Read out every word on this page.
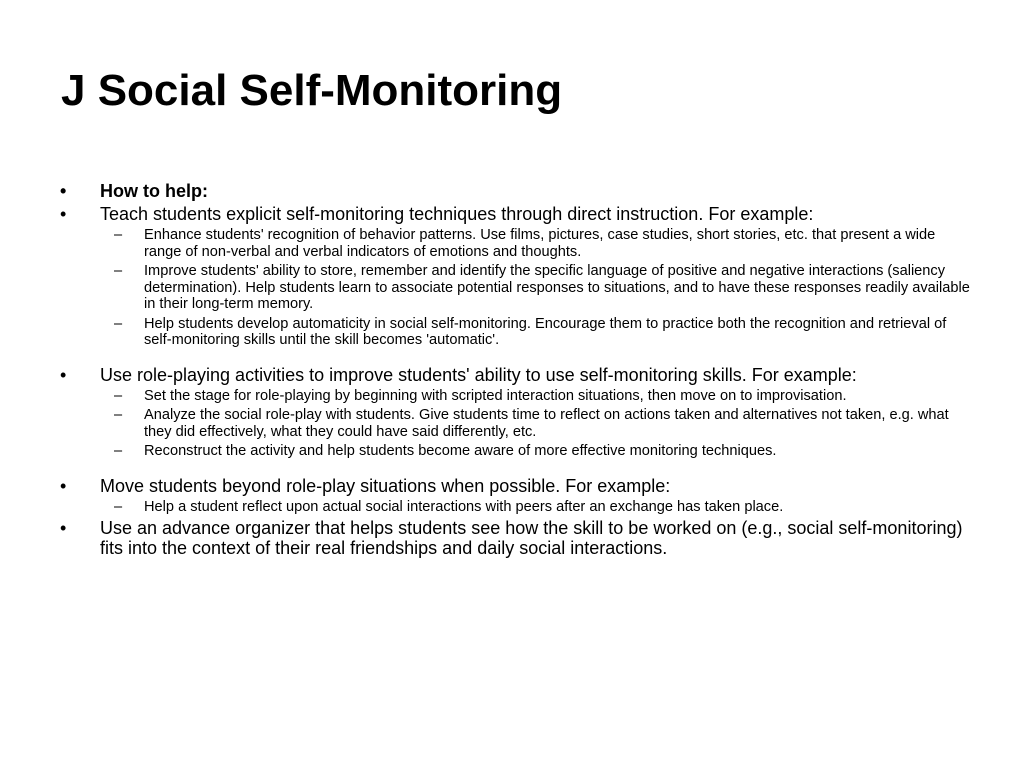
J Social Self-Monitoring
• How to help:
• Teach students explicit self-monitoring techniques through direct instruction. For example:
– Enhance students' recognition of behavior patterns. Use films, pictures, case studies, short stories, etc. that present a wide range of non-verbal and verbal indicators of emotions and thoughts.
– Improve students' ability to store, remember and identify the specific language of positive and negative interactions (saliency determination). Help students learn to associate potential responses to situations, and to have these responses readily available in their long-term memory.
– Help students develop automaticity in social self-monitoring. Encourage them to practice both the recognition and retrieval of self-monitoring skills until the skill becomes 'automatic'.
• Use role-playing activities to improve students' ability to use self-monitoring skills. For example:
– Set the stage for role-playing by beginning with scripted interaction situations, then move on to improvisation.
– Analyze the social role-play with students. Give students time to reflect on actions taken and alternatives not taken, e.g. what they did effectively, what they could have said differently, etc.
– Reconstruct the activity and help students become aware of more effective monitoring techniques.
• Move students beyond role-play situations when possible. For example:
– Help a student reflect upon actual social interactions with peers after an exchange has taken place.
• Use an advance organizer that helps students see how the skill to be worked on (e.g., social self-monitoring) fits into the context of their real friendships and daily social interactions.
